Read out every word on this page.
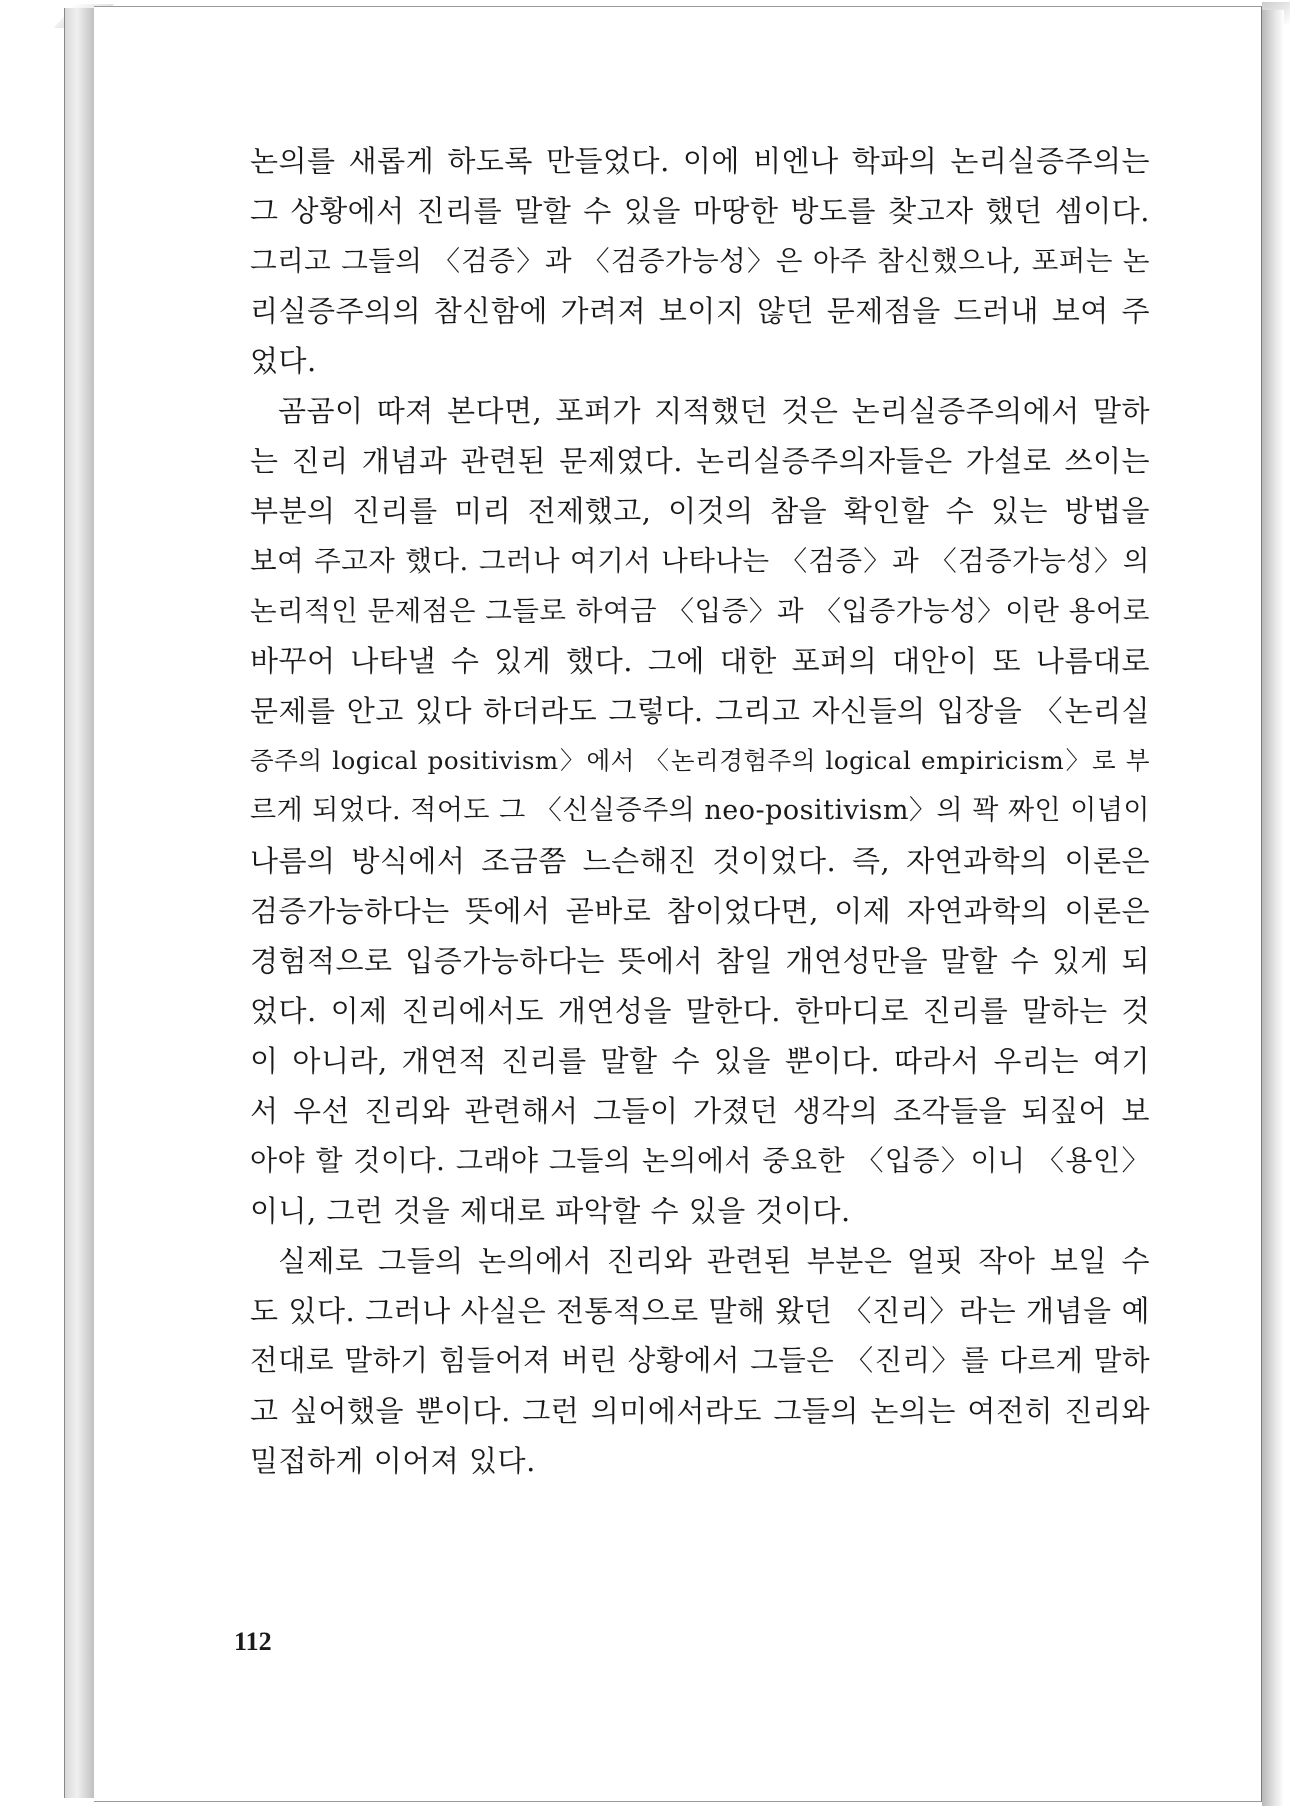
논의를 새롭게 하도록 만들었다. 이에 비엔나 학파의 논리실증주의는
그 상황에서 진리를 말할 수 있을 마땅한 방도를 찾고자 했던 셈이다.
그리고 그들의 〈검증〉과 〈검증가능성〉은 아주 참신했으나, 포퍼는 논
리실증주의의 참신함에 가려져 보이지 않던 문제점을 드러내 보여 주
었다.
곰곰이 따져 본다면, 포퍼가 지적했던 것은 논리실증주의에서 말하
는 진리 개념과 관련된 문제였다. 논리실증주의자들은 가설로 쓰이는
부분의 진리를 미리 전제했고, 이것의 참을 확인할 수 있는 방법을
보여 주고자 했다. 그러나 여기서 나타나는 〈검증〉과 〈검증가능성〉의
논리적인 문제점은 그들로 하여금 〈입증〉과 〈입증가능성〉이란 용어로
바꾸어 나타낼 수 있게 했다. 그에 대한 포퍼의 대안이 또 나름대로
문제를 안고 있다 하더라도 그렇다. 그리고 자신들의 입장을 〈논리실
증주의 logical positivism〉에서 〈논리경험주의 logical empiricism〉로 부
르게 되었다. 적어도 그 〈신실증주의 neo-positivism〉의 꽉 짜인 이념이
나름의 방식에서 조금쯤 느슨해진 것이었다. 즉, 자연과학의 이론은
검증가능하다는 뜻에서 곧바로 참이었다면, 이제 자연과학의 이론은
경험적으로 입증가능하다는 뜻에서 참일 개연성만을 말할 수 있게 되
었다. 이제 진리에서도 개연성을 말한다. 한마디로 진리를 말하는 것
이 아니라, 개연적 진리를 말할 수 있을 뿐이다. 따라서 우리는 여기
서 우선 진리와 관련해서 그들이 가졌던 생각의 조각들을 되짚어 보
아야 할 것이다. 그래야 그들의 논의에서 중요한 〈입증〉이니 〈용인〉
이니, 그런 것을 제대로 파악할 수 있을 것이다.
실제로 그들의 논의에서 진리와 관련된 부분은 얼핏 작아 보일 수
도 있다. 그러나 사실은 전통적으로 말해 왔던 〈진리〉라는 개념을 예
전대로 말하기 힘들어져 버린 상황에서 그들은 〈진리〉를 다르게 말하
고 싶어했을 뿐이다. 그런 의미에서라도 그들의 논의는 여전히 진리와
밀접하게 이어져 있다.
112
